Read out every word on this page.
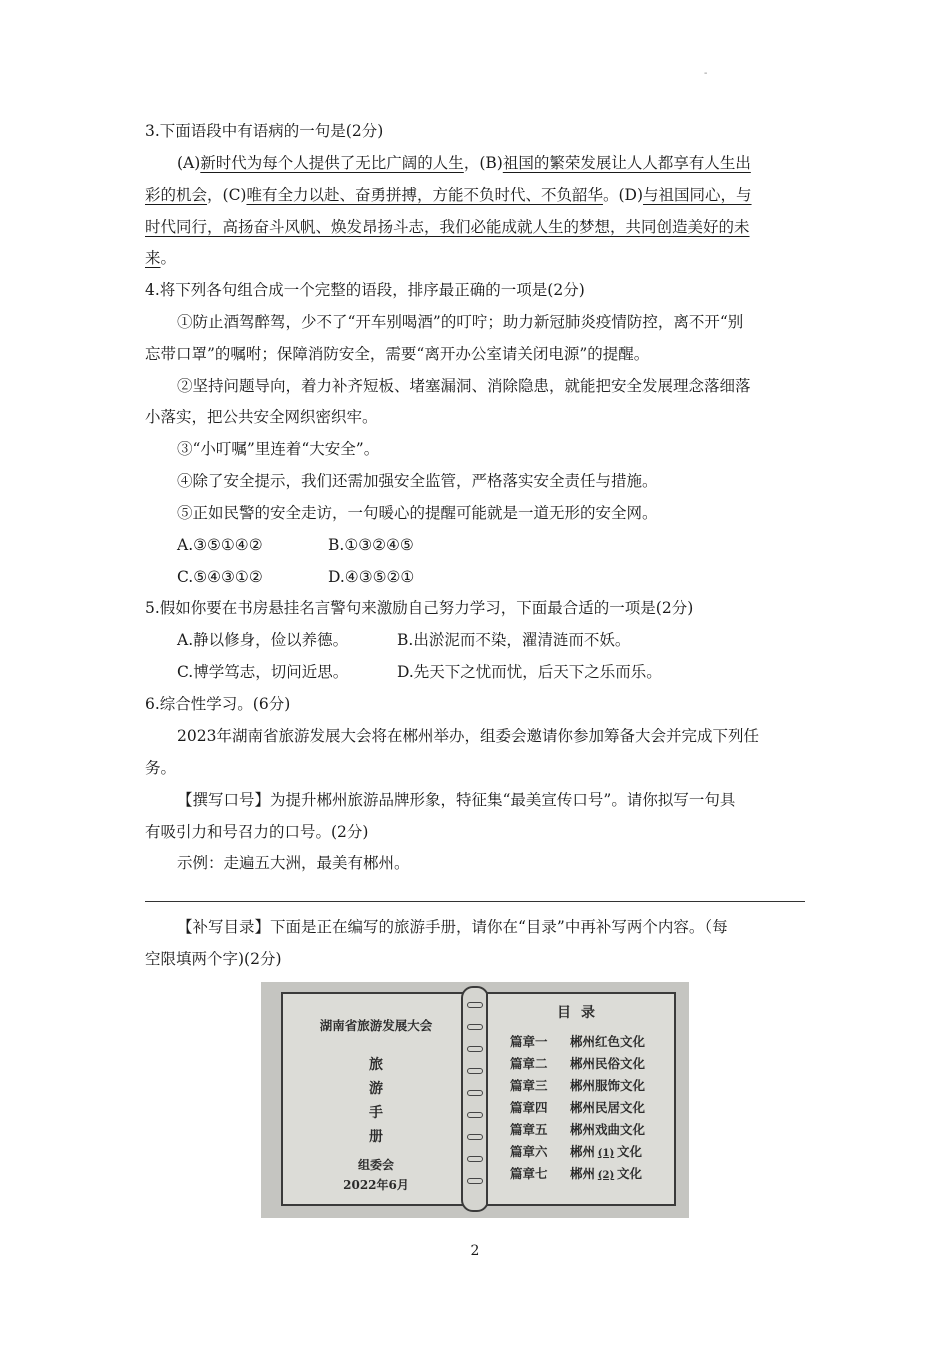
-
3.下面语段中有语病的一句是(2分)
(A)新时代为每个人提供了无比广阔的人生，(B)祖国的繁荣发展让人人都享有人生出
彩的机会，(C)唯有全力以赴、奋勇拼搏，方能不负时代、不负韶华。(D)与祖国同心，与
时代同行，高扬奋斗风帆、焕发昂扬斗志，我们必能成就人生的梦想，共同创造美好的未
来。
4.将下列各句组合成一个完整的语段，排序最正确的一项是(2分)
①防止酒驾醉驾，少不了“开车别喝酒”的叮咛；助力新冠肺炎疫情防控，离不开“别
忘带口罩”的嘱咐；保障消防安全，需要“离开办公室请关闭电源”的提醒。
②坚持问题导向，着力补齐短板、堵塞漏洞、消除隐患，就能把安全发展理念落细落
小落实，把公共安全网织密织牢。
③“小叮嘱”里连着“大安全”。
④除了安全提示，我们还需加强安全监管，严格落实安全责任与措施。
⑤正如民警的安全走访，一句暖心的提醒可能就是一道无形的安全网。
A.③⑤①④②	B.①③②④⑤
C.⑤④③①②	D.④③⑤②①
5.假如你要在书房悬挂名言警句来激励自己努力学习，下面最合适的一项是(2分)
A.静以修身，俭以养德。	B.出淤泥而不染，濯清涟而不妖。
C.博学笃志，切问近思。	D.先天下之忧而忧，后天下之乐而乐。
6.综合性学习。(6分)
2023年湖南省旅游发展大会将在郴州举办，组委会邀请你参加筹备大会并完成下列任
务。
【撰写口号】为提升郴州旅游品牌形象，特征集“最美宣传口号”。请你拟写一句具
有吸引力和号召力的口号。(2分)
示例：走遍五大洲，最美有郴州。
【补写目录】下面是正在编写的旅游手册，请你在“目录”中再补写两个内容。（每
空限填两个字)(2分)
湖南省旅游发展大会
旅
游
手
册
组委会
2022年6月
目录
篇章一 郴州红色文化
篇章二 郴州民俗文化
篇章三 郴州服饰文化
篇章四 郴州民居文化
篇章五 郴州戏曲文化
篇章六 郴州 (1) 文化
篇章七 郴州 (2) 文化
2
